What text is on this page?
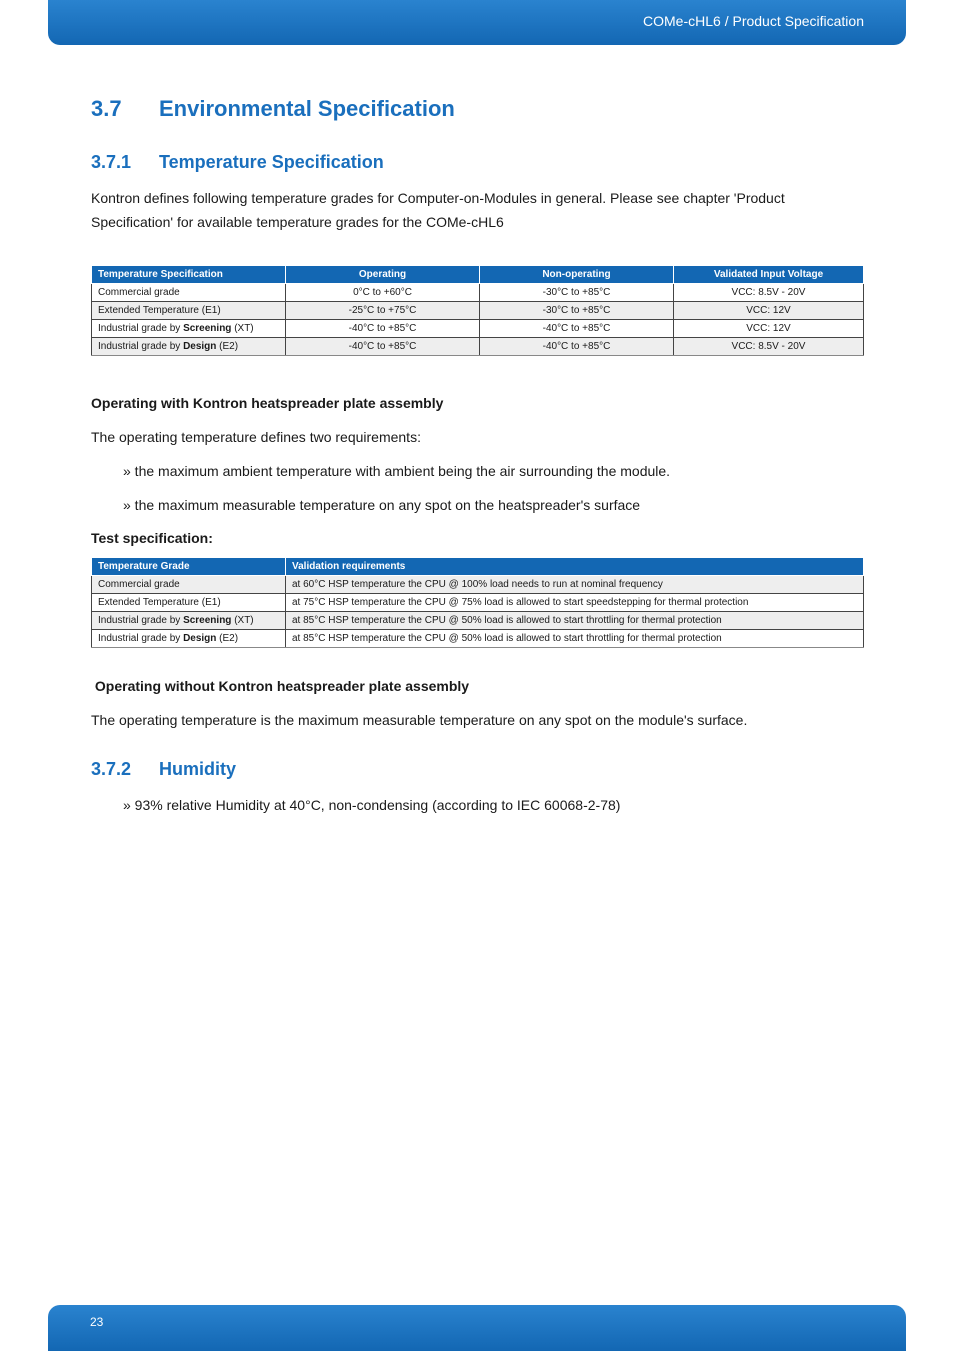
COMe-cHL6 / Product Specification
3.7 Environmental Specification
3.7.1 Temperature Specification

Kontron defines following temperature grades for Computer-on-Modules in general. Please see chapter 'Product Specification' for available temperature grades for the COMe-cHL6

Temperature Specification	Operating	Non-operating	Validated Input Voltage
Commercial grade	0°C to +60°C	-30°C to +85°C	VCC: 8.5V - 20V
Extended Temperature (E1)	-25°C to +75°C	-30°C to +85°C	VCC: 12V
Industrial grade by Screening (XT)	-40°C to +85°C	-40°C to +85°C	VCC: 12V
Industrial grade by Design (E2)	-40°C to +85°C	-40°C to +85°C	VCC: 8.5V - 20V

Operating with Kontron heatspreader plate assembly

The operating temperature defines two requirements:

» the maximum ambient temperature with ambient being the air surrounding the module.

» the maximum measurable temperature on any spot on the heatspreader's surface

Test specification:

Temperature Grade	Validation requirements
Commercial grade	at 60°C HSP temperature the CPU @ 100% load needs to run at nominal frequency
Extended Temperature (E1)	at 75°C HSP temperature the CPU @ 75% load is allowed to start speedstepping for thermal protection
Industrial grade by Screening (XT)	at 85°C HSP temperature the CPU @ 50% load is allowed to start throttling for thermal protection
Industrial grade by Design (E2)	at 85°C HSP temperature the CPU @ 50% load is allowed to start throttling for thermal protection

Operating without Kontron heatspreader plate assembly

The operating temperature is the maximum measurable temperature on any spot on the module's surface.

3.7.2 Humidity

» 93% relative Humidity at 40°C, non-condensing (according to IEC 60068-2-78)

23
